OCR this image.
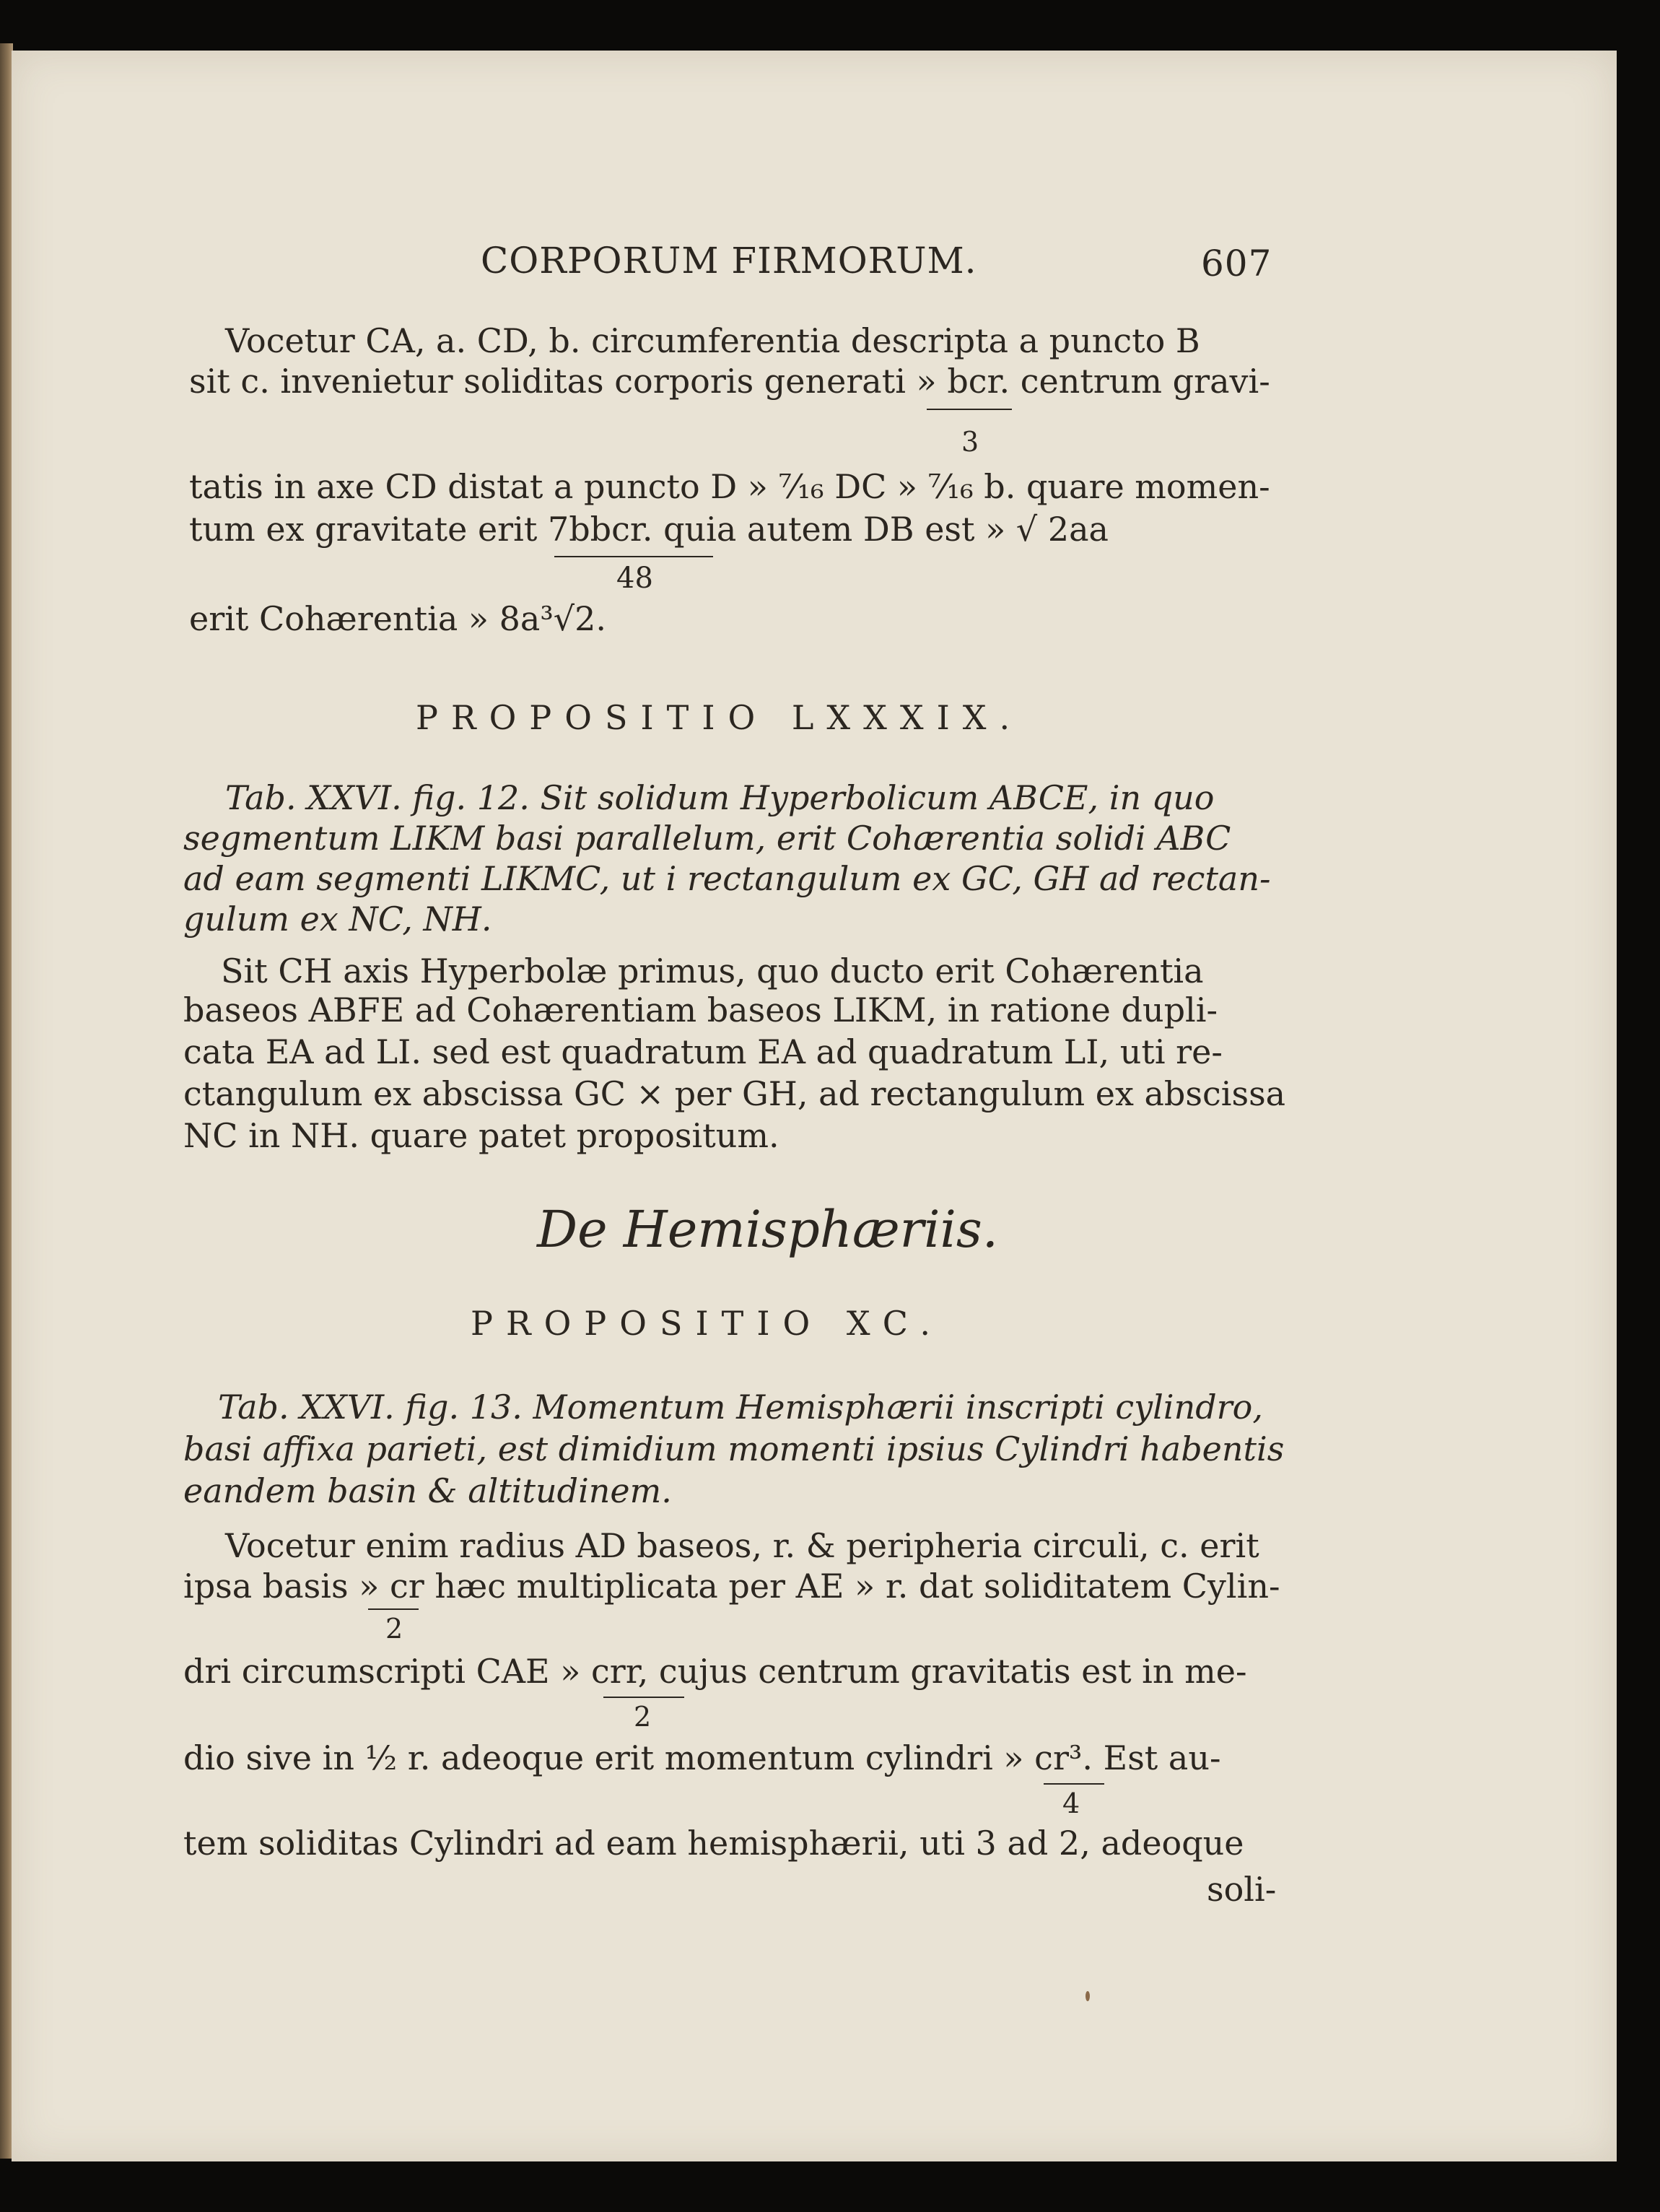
CORPORUM FIRMORUM.	607
Vocetur CA, a. CD, b. circumferentia descripta a puncto B
sit c. invenietur soliditas corporis generati » bcr. centrum gravi-
3
tatis in axe CD distat a puncto D » ⁷⁄₁₆ DC » ⁷⁄₁₆ b. quare momen-
tum ex gravitate erit 7bbcr. quia autem DB est » √ 2aa
48
erit Cohærentia » 8a³√2.
PROPOSITIO LXXXIX.
Tab. XXVI. fig. 12. Sit solidum Hyperbolicum ABCE, in quo
segmentum LIKM basi parallelum, erit Cohærentia solidi ABC
ad eam segmenti LIKMC, ut i rectangulum ex GC, GH ad rectan-
gulum ex NC, NH.
Sit CH axis Hyperbolæ primus, quo ducto erit Cohærentia
baseos ABFE ad Cohærentiam baseos LIKM, in ratione dupli-
cata EA ad LI. sed est quadratum EA ad quadratum LI, uti re-
ctangulum ex abscissa GC × per GH, ad rectangulum ex abscissa
NC in NH. quare patet propositum.
De Hemisphæriis.
PROPOSITIO XC.
Tab. XXVI. fig. 13. Momentum Hemisphærii inscripti cylindro,
basi affixa parieti, est dimidium momenti ipsius Cylindri habentis
eandem basin & altitudinem.
Vocetur enim radius AD baseos, r. & peripheria circuli, c. erit
ipsa basis » cr hæc multiplicata per AE » r. dat soliditatem Cylin-
2
dri circumscripti CAE » crr, cujus centrum gravitatis est in me-
2
dio sive in ½ r. adeoque erit momentum cylindri » cr³. Est au-
4
tem soliditas Cylindri ad eam hemisphærii, uti 3 ad 2, adeoque
soli-
